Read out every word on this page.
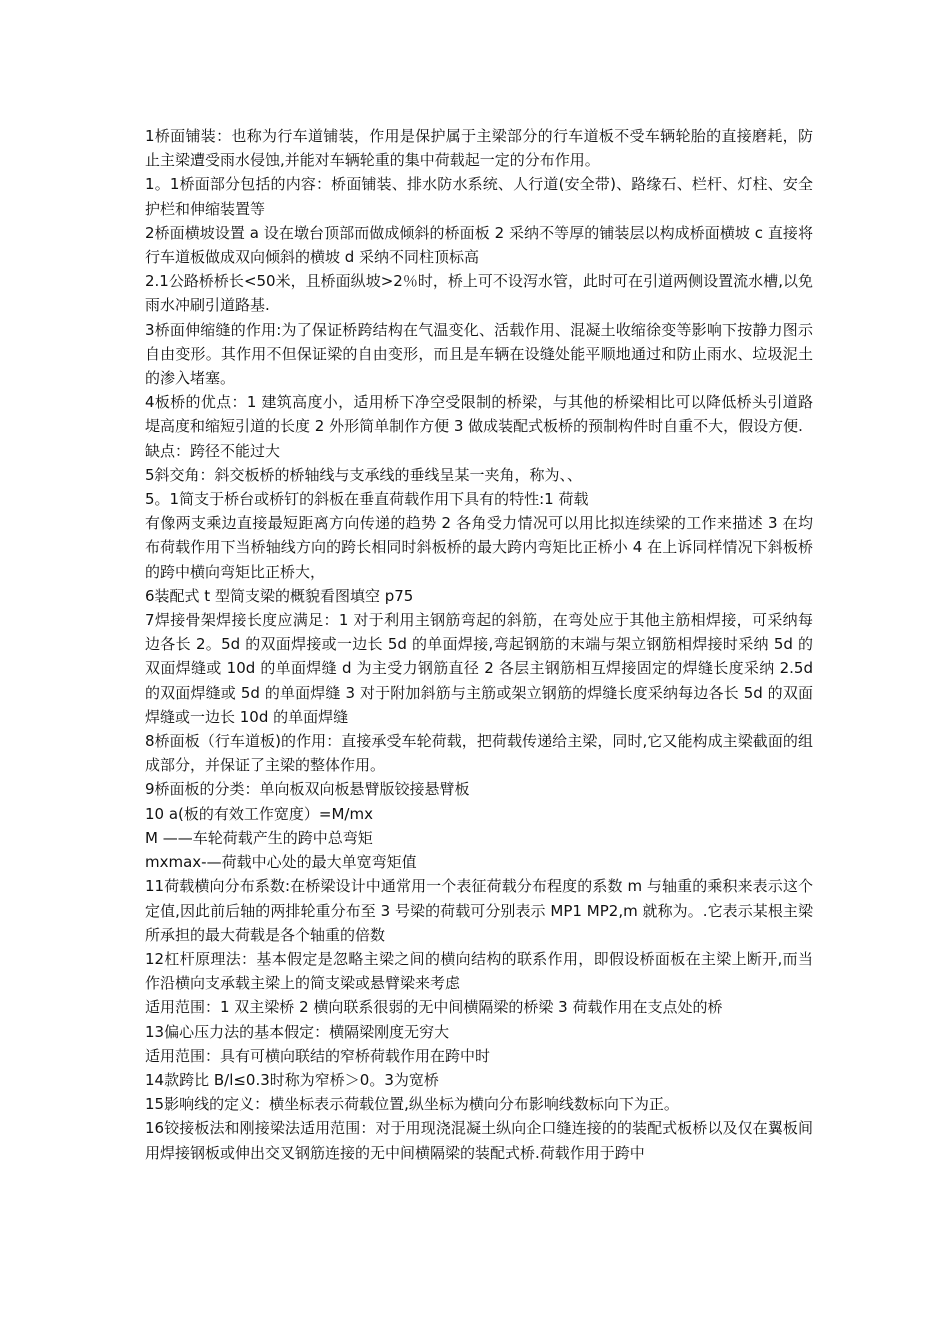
1桥面铺装：也称为行车道铺装，作用是保护属于主梁部分的行车道板不受车辆轮胎的直接磨耗，防止主梁遭受雨水侵蚀,并能对车辆轮重的集中荷载起一定的分布作用。

1。1桥面部分包括的内容：桥面铺装、排水防水系统、人行道(安全带)、路缘石、栏杆、灯柱、安全护栏和伸缩装置等

2桥面横坡设置 a 设在墩台顶部而做成倾斜的桥面板 2 采纳不等厚的铺装层以构成桥面横坡 c 直接将行车道板做成双向倾斜的横坡 d 采纳不同柱顶标高

2.1公路桥桥长<50米，且桥面纵坡>2％时，桥上可不设泻水管，此时可在引道两侧设置流水槽,以免雨水冲刷引道路基.

3桥面伸缩缝的作用:为了保证桥跨结构在气温变化、活载作用、混凝土收缩徐变等影响下按静力图示自由变形。其作用不但保证梁的自由变形，而且是车辆在设缝处能平顺地通过和防止雨水、垃圾泥土的渗入堵塞。

4板桥的优点：1 建筑高度小，适用桥下净空受限制的桥梁，与其他的桥梁相比可以降低桥头引道路堤高度和缩短引道的长度 2 外形简单制作方便 3 做成装配式板桥的预制构件时自重不大，假设方便.

缺点：跨径不能过大

5斜交角：斜交板桥的桥轴线与支承线的垂线呈某一夹角，称为、、

5。1简支于桥台或桥钉的斜板在垂直荷载作用下具有的特性:1 荷载

有像两支乘边直接最短距离方向传递的趋势 2 各角受力情况可以用比拟连续梁的工作来描述 3 在均布荷载作用下当桥轴线方向的跨长相同时斜板桥的最大跨内弯矩比正桥小 4 在上诉同样情况下斜板桥的跨中横向弯矩比正桥大，

6装配式 t 型简支梁的概貌看图填空 p75

7焊接骨架焊接长度应满足：1 对于利用主钢筋弯起的斜筋，在弯处应于其他主筋相焊接，可采纳每边各长 2。5d 的双面焊接或一边长 5d 的单面焊接,弯起钢筋的末端与架立钢筋相焊接时采纳 5d 的双面焊缝或 10d 的单面焊缝 d 为主受力钢筋直径 2 各层主钢筋相互焊接固定的焊缝长度采纳 2.5d 的双面焊缝或 5d 的单面焊缝 3 对于附加斜筋与主筋或架立钢筋的焊缝长度采纳每边各长 5d 的双面焊缝或一边长 10d 的单面焊缝

8桥面板（行车道板)的作用：直接承受车轮荷载，把荷载传递给主梁，同时,它又能构成主梁截面的组成部分，并保证了主梁的整体作用。

9桥面板的分类：单向板双向板悬臂版铰接悬臂板

10 a(板的有效工作宽度）=M/mx

M ——车轮荷载产生的跨中总弯矩

mxmax-—荷载中心处的最大单宽弯矩值

11荷载横向分布系数:在桥梁设计中通常用一个表征荷载分布程度的系数 m 与轴重的乘积来表示这个定值,因此前后轴的两排轮重分布至 3 号梁的荷载可分别表示 MP1 MP2,m 就称为。.它表示某根主梁所承担的最大荷载是各个轴重的倍数

12杠杆原理法：基本假定是忽略主梁之间的横向结构的联系作用，即假设桥面板在主梁上断开,而当作沿横向支承载主梁上的简支梁或悬臂梁来考虑

适用范围：1 双主梁桥 2 横向联系很弱的无中间横隔梁的桥梁 3 荷载作用在支点处的桥

13偏心压力法的基本假定：横隔梁刚度无穷大

适用范围：具有可横向联结的窄桥荷载作用在跨中时

14款跨比 B/l≤0.3时称为窄桥＞0。3为宽桥

15影响线的定义：横坐标表示荷载位置,纵坐标为横向分布影响线数标向下为正。

16铰接板法和刚接梁法适用范围：对于用现浇混凝土纵向企口缝连接的的装配式板桥以及仅在翼板间用焊接钢板或伸出交叉钢筋连接的无中间横隔梁的装配式桥.荷载作用于跨中
